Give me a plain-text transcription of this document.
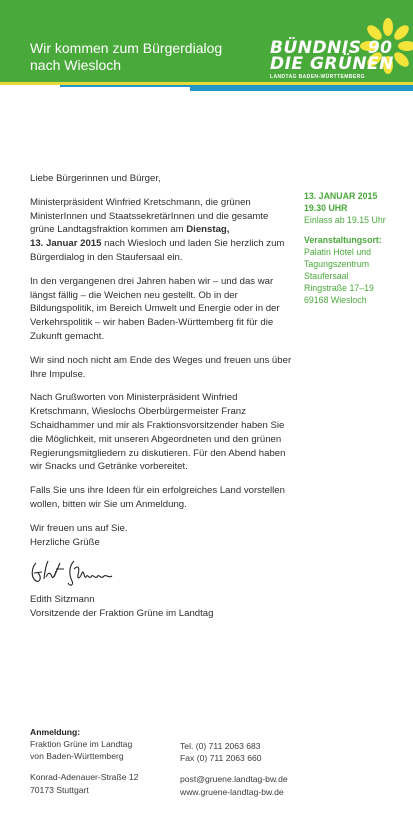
Wir kommen zum Bürgerdialog
nach Wiesloch
BÜNDNIS 90
DIE GRÜNEN
LANDTAG BADEN-WÜRTTEMBERG

Liebe Bürgerinnen und Bürger,

Ministerpräsident Winfried Kretschmann, die grünen MinisterInnen und StaatssekretärInnen und die gesamte grüne Landtagsfraktion kommen am Dienstag,
13. Januar 2015 nach Wiesloch und laden Sie herzlich zum Bürgerdialog in den Staufersaal ein.

In den vergangenen drei Jahren haben wir – und das war längst fällig – die Weichen neu gestellt. Ob in der Bildungspolitik, im Bereich Umwelt und Energie oder in der Verkehrspolitik – wir haben Baden-Württemberg fit für die Zukunft gemacht.

Wir sind noch nicht am Ende des Weges und freuen uns über Ihre Impulse.

Nach Grußworten von Ministerpräsident Winfried Kretschmann, Wieslochs Oberbürgermeister Franz Schaidhammer und mir als Fraktionsvorsitzender haben Sie die Möglichkeit, mit unseren Abgeordneten und den grünen Regierungsmitgliedern zu diskutieren. Für den Abend haben wir Snacks und Getränke vorbereitet.

Falls Sie uns ihre Ideen für ein erfolgreiches Land vorstellen wollen, bitten wir Sie um Anmeldung.

Wir freuen uns auf Sie.
Herzliche Grüße

Edith Sitzmann
Vorsitzende der Fraktion Grüne im Landtag

13. JANUAR 2015
19.30 UHR
Einlass ab 19.15 Uhr
Veranstaltungsort:
Palatin Hotel und
Tagungszentrum
Staufersaal
Ringstraße 17–19
69168 Wiesloch
Anmeldung:
Fraktion Grüne im Landtag
von Baden-Württemberg
Konrad-Adenauer-Straße 12
70173 Stuttgart
Tel. (0) 711 2063 683
Fax (0) 711 2063 660
post@gruene.landtag-bw.de
www.gruene-landtag-bw.de
